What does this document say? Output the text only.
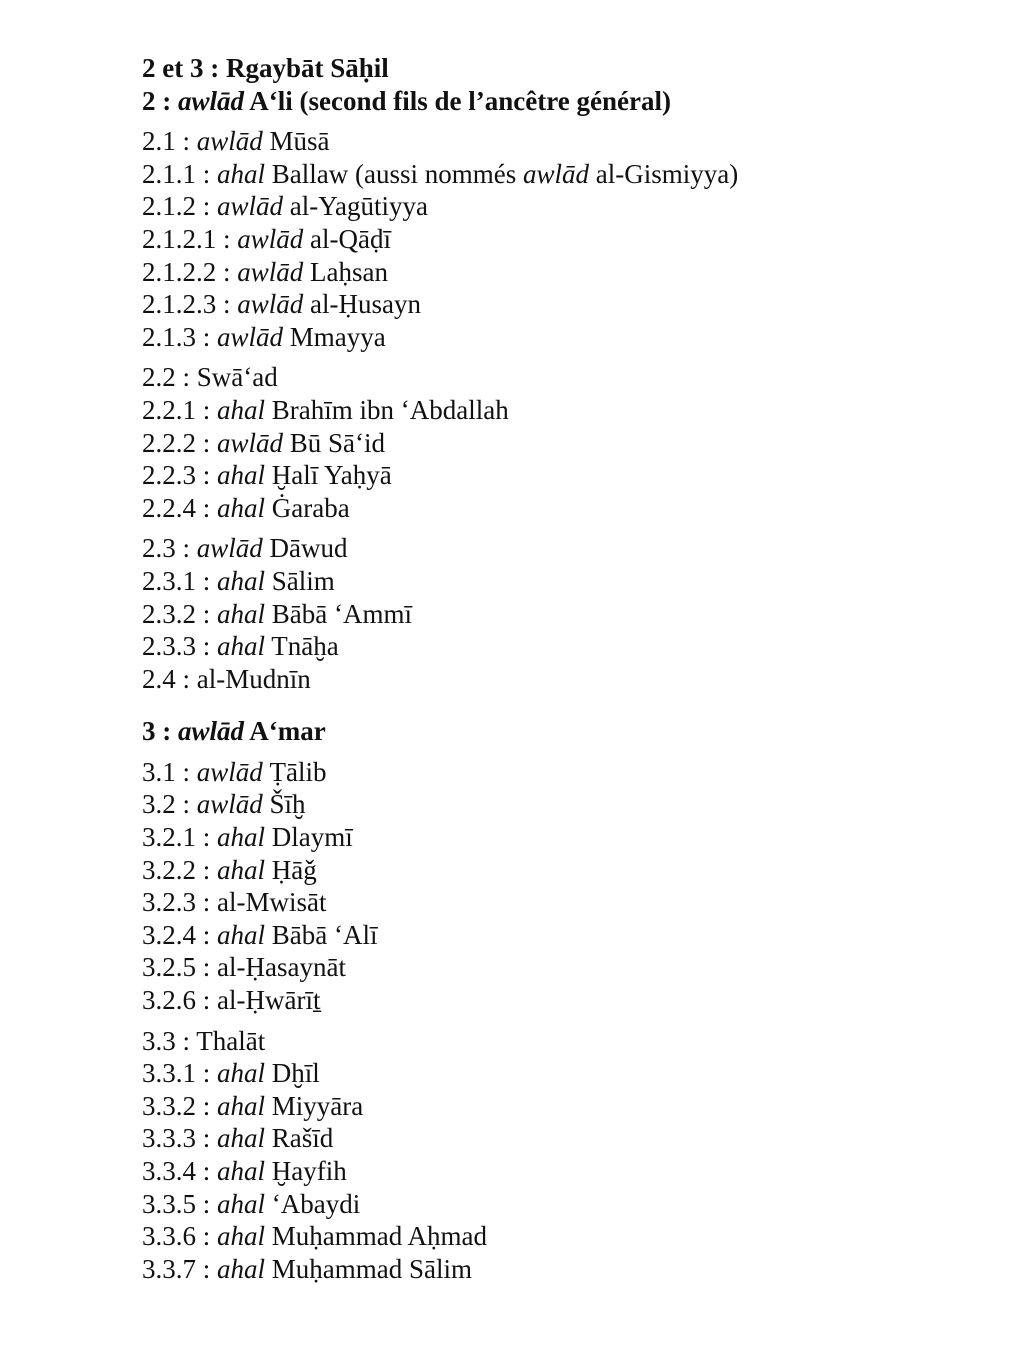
2 et 3 : Rgaybāt Sāḥil
2 : awlād A‘li (second fils de l’ancêtre général)
2.1 : awlād Mūsā
2.1.1 : ahal Ballaw (aussi nommés awlād al-Gismiyya)
2.1.2 : awlād al-Yagūtiyya
2.1.2.1 : awlād al-Qāḍī
2.1.2.2 : awlād Laḥsan
2.1.2.3 : awlād al-Ḥusayn
2.1.3 : awlād Mmayya
2.2 : Swā‘ad
2.2.1 : ahal Brahīm ibn ‘Abdallah
2.2.2 : awlād Bū Sā‘id
2.2.3 : ahal Ḫalī Yaḥyā
2.2.4 : ahal Ġaraba
2.3 : awlād Dāwud
2.3.1 : ahal Sālim
2.3.2 : ahal Bābā ‘Ammī
2.3.3 : ahal Tnāḫa
2.4 : al-Mudnīn
3 : awlād A‘mar
3.1 : awlād Ṭālib
3.2 : awlād Šīḫ
3.2.1 : ahal Dlaymī
3.2.2 : ahal Ḥāǧ
3.2.3 : al-Mwisāt
3.2.4 : ahal Bābā ‘Alī
3.2.5 : al-Ḥasaynāt
3.2.6 : al-Ḥwārīṯ
3.3 : Thalāt
3.3.1 : ahal Dḫīl
3.3.2 : ahal Miyyāra
3.3.3 : ahal Rašīd
3.3.4 : ahal Ḫayfih
3.3.5 : ahal ‘Abaydi
3.3.6 : ahal Muḥammad Aḥmad
3.3.7 : ahal Muḥammad Sālim
